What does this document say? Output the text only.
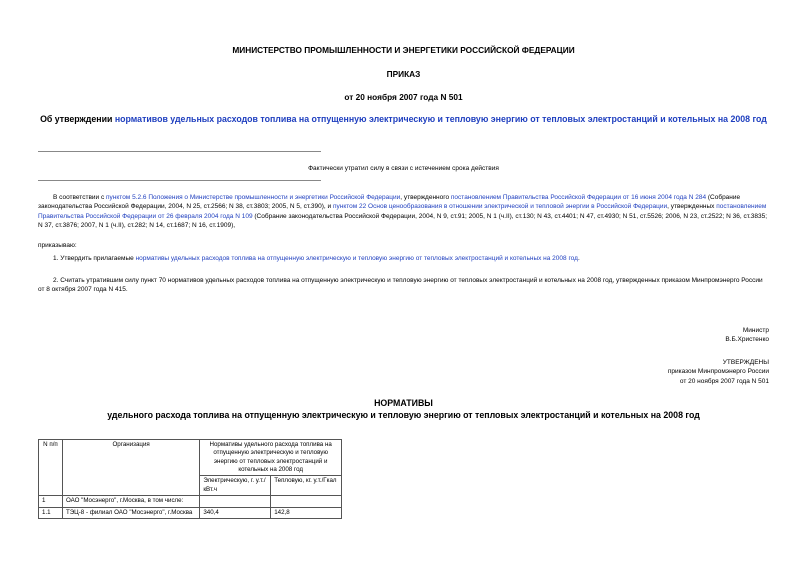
МИНИСТЕРСТВО ПРОМЫШЛЕННОСТИ И ЭНЕРГЕТИКИ РОССИЙСКОЙ ФЕДЕРАЦИИ
ПРИКАЗ
от 20 ноября 2007 года N 501
Об утверждении нормативов удельных расходов топлива на отпущенную электрическую и тепловую энергию от тепловых электростанций и котельных на 2008 год
Фактически утратил силу в связи с истечением срока действия
В соответствии с пунктом 5.2.6 Положения о Министерстве промышленности и энергетики Российской Федерации, утвержденного постановлением Правительства Российской Федерации от 16 июня 2004 года N 284 (Собрание законодательства Российской Федерации, 2004, N 25, ст.2566; N 38, ст.3803; 2005, N 5, ст.390), и пунктом 22 Основ ценообразования в отношении электрической и тепловой энергии в Российской Федерации, утвержденных постановлением Правительства Российской Федерации от 26 февраля 2004 года N 109 (Собрание законодательства Российской Федерации, 2004, N 9, ст.91; 2005, N 1 (ч.II), ст.130; N 43, ст.4401; N 47, ст.4930; N 51, ст.5526; 2006, N 23, ст.2522; N 36, ст.3835; N 37, ст.3876; 2007, N 1 (ч.II), ст.282; N 14, ст.1687; N 16, ст.1909),
приказываю:
1. Утвердить прилагаемые нормативы удельных расходов топлива на отпущенную электрическую и тепловую энергию от тепловых электростанций и котельных на 2008 год.
2. Считать утратившим силу пункт 70 нормативов удельных расходов топлива на отпущенную электрическую и тепловую энергию от тепловых электростанций и котельных на 2008 год, утвержденных приказом Минпромэнерго России от 8 октября 2007 года N 415.
Министр
В.Б.Христенко
УТВЕРЖДЕНЫ
приказом Минпромэнерго России
от 20 ноября 2007 года N 501
НОРМАТИВЫ
удельного расхода топлива на отпущенную электрическую и тепловую энергию от тепловых электростанций и котельных на 2008 год
N п/п	Организация	Нормативы удельного расхода топлива на отпущенную электрическую и тепловую энергию от тепловых электростанций и котельных на 2008 год	
		Электрическую, г. у.т./кВт.ч	Тепловую, кг. у.т./Гкал
1	ОАО "Мосэнерго", г.Москва, в том числе:		
1.1	ТЭЦ-8 - филиал ОАО "Мосэнерго", г.Москва	340,4	142,8
